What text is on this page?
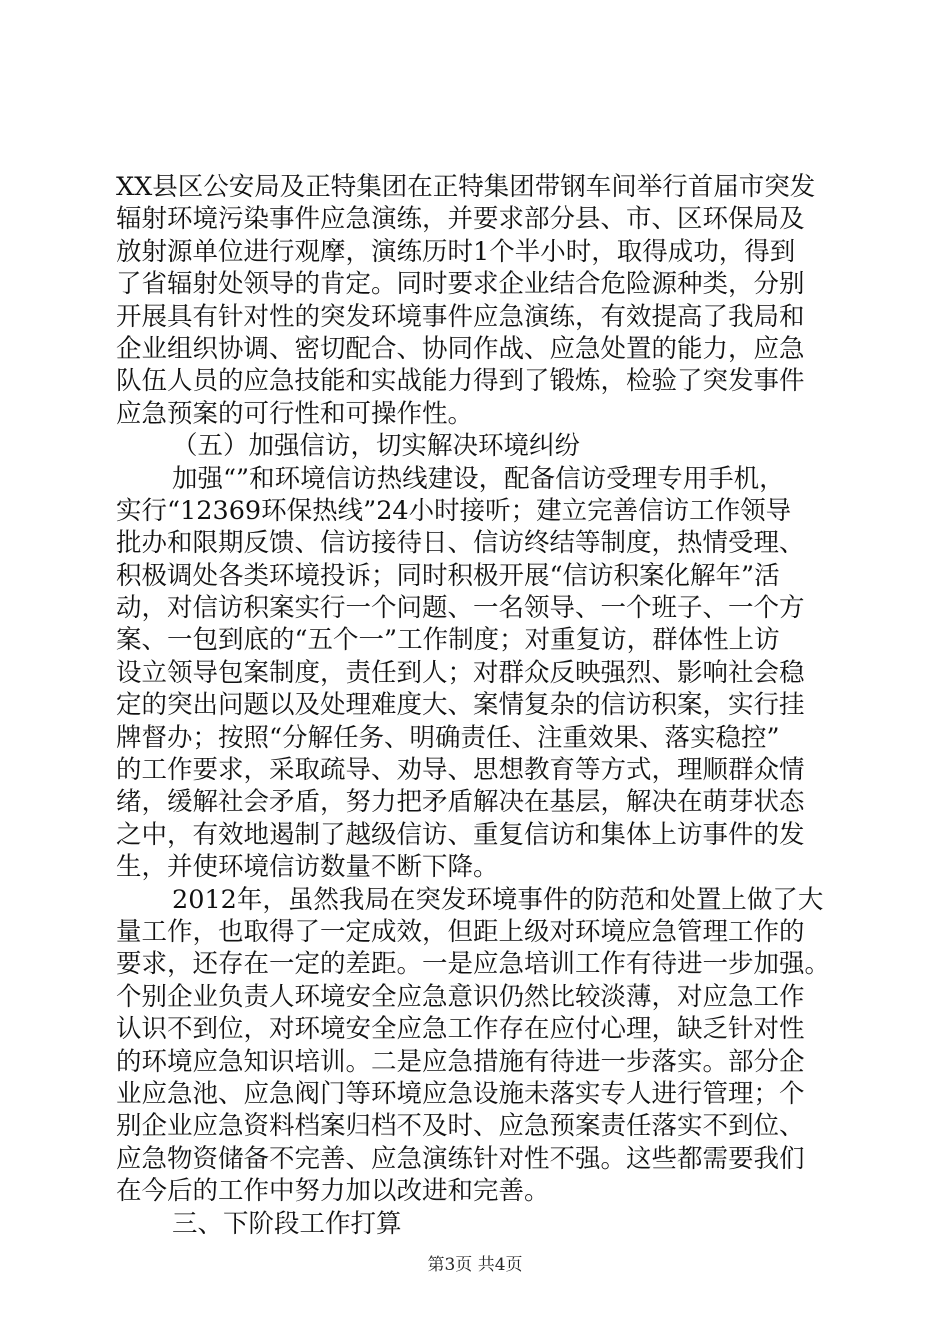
XX县区公安局及正特集团在正特集团带钢车间举行首届市突发
辐射环境污染事件应急演练，并要求部分县、市、区环保局及
放射源单位进行观摩，演练历时1个半小时，取得成功，得到
了省辐射处领导的肯定。同时要求企业结合危险源种类，分别
开展具有针对性的突发环境事件应急演练，有效提高了我局和
企业组织协调、密切配合、协同作战、应急处置的能力，应急
队伍人员的应急技能和实战能力得到了锻炼，检验了突发事件
应急预案的可行性和可操作性。
（五）加强信访，切实解决环境纠纷
加强“”和环境信访热线建设，配备信访受理专用手机，
实行“12369环保热线”24小时接听；建立完善信访工作领导
批办和限期反馈、信访接待日、信访终结等制度，热情受理、
积极调处各类环境投诉；同时积极开展“信访积案化解年”活
动，对信访积案实行一个问题、一名领导、一个班子、一个方
案、一包到底的“五个一”工作制度；对重复访，群体性上访
设立领导包案制度，责任到人；对群众反映强烈、影响社会稳
定的突出问题以及处理难度大、案情复杂的信访积案，实行挂
牌督办；按照“分解任务、明确责任、注重效果、落实稳控”
的工作要求，采取疏导、劝导、思想教育等方式，理顺群众情
绪，缓解社会矛盾，努力把矛盾解决在基层，解决在萌芽状态
之中，有效地遏制了越级信访、重复信访和集体上访事件的发
生，并使环境信访数量不断下降。
2012年，虽然我局在突发环境事件的防范和处置上做了大
量工作，也取得了一定成效，但距上级对环境应急管理工作的
要求，还存在一定的差距。一是应急培训工作有待进一步加强。
个别企业负责人环境安全应急意识仍然比较淡薄，对应急工作
认识不到位，对环境安全应急工作存在应付心理，缺乏针对性
的环境应急知识培训。二是应急措施有待进一步落实。部分企
业应急池、应急阀门等环境应急设施未落实专人进行管理；个
别企业应急资料档案归档不及时、应急预案责任落实不到位、
应急物资储备不完善、应急演练针对性不强。这些都需要我们
在今后的工作中努力加以改进和完善。
三、下阶段工作打算
第3页 共4页
